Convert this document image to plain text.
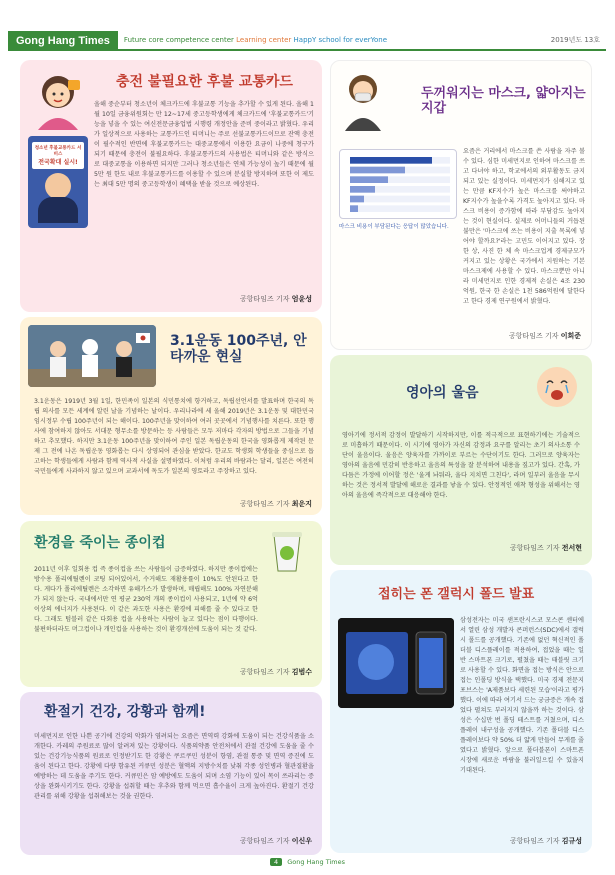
Gong Hang Times	Future core competence center Learning center HappY school for everYone	2019년도 13호
충전 불필요한 후불 교통카드
청소년 후불교통카드 서비스
전국확대 실시!
올해 중순부터 청소년이 체크카드에 후불교통 기능을 추가할 수 있게 된다. 올해 1월 10일 금융위원회는 만 12~17세 중고등학생에게 체크카드에 '후불교통카드'기능을 넣을 수 있는 여신전문금융업법 시행령 개정안을 준비 중이라고 밝혔다. 우리가 일상적으로 사용하는 교통카드인 티머니는 주로 선불교통카드이므로 잔액 충전이 필수적인 반면에 후불교통카드는 대중교통에서 이용한 요금이 나중에 청구가 되기 때문에 충전이 불필요하다. 후불교통카드의 사용법은 티머니와 같은 방식으로 대중교통을 이용하면 되지만 그러나 청소년들은 연체 가능성이 높기 때문에 월 5만 원 한도 내로 후불교통카드를 이용할 수 있으며 분실할 방지하며 또한 이 제도는 최대 5만 명의 중고등학생이 혜택을 받을 것으로 예상된다.
공항타임즈 기자 엄윤성
두꺼워지는 마스크, 얇아지는 지갑
마스크 비용이 부담된다는 응답이 많았습니다.
요즘은 거리에서 마스크를 쓴 사람을 자주 볼 수 있다. 심한 미세먼지로 인하여 마스크를 쓰고 다녀야 하고, 학교에서의 외부활동도 금지되고 있는 실정이다. 미세먼지가 심해지고 있는 만큼 KF지수가 높은 마스크를 써야하고 KF지수가 높을수록 가격도 높아지고 있다. 마스크 비용이 증가함에 따라 부담감도 높아지는 것이 현실이다. 실제로 어머니들의 거듭된 불만은 '마스크에 쓰는 비용이 지출 목록에 넣어야 할까요?'라는 고민도 이어지고 있다. 장한 상, 사진 한 체 속 마스크업계 경제규모가 커지고 있는 상황은 국가에서 지원하는 기본 마스크제에 사용할 수 있다. 마스크뿐만 아니라 미세먼지로 인한 경제적 손실은 4조 230억원, 한국 한 손실은 1천 586억원에 달한다고 한다 경제 연구원에서 밝혔다.
공항타임즈 기자 이희준
3.1운동 100주년, 안타까운 현실
3.1운동은 1919년 3월 1일, 한민족이 일본의 식민통치에 항거하고, 독립선언서를 발표하며 한국의 독립 의사를 모든 세계에 알린 날을 기념하는 날이다. 우리나라에 세 올해 2019년은 3.1운동 및 대한민국 임시정부 수립 100주년이 되는 해이다. 100주년을 맞이하여 여러 곳곳에서 기념행사를 치른다. 또한 행사에 참여하지 않아도 서대문 형무소를 방문하는 등 사람들은 모두 저마다 각자의 방법으로 그들을 기념하고 추모했다. 하지만 3.1운동 100주년을 맞이하여 주인 일본 독립운동의 한국을 영화롭게 제작된 문제 그 전에 나온 독립운동 영화롭는 다시 상영되어 관심을 받았다. 한교도 학생회 학생들을 중심으로 돕고하는 학생들에게 사람과 함께 역사적 사실을 설명하였다. 이처럼 우리의 바람과는 달리, 일본은 여전히 국민들에게 사과하지 않고 있으며 교과서에 독도가 일본의 영토라고 주장하고 있다.
공항타임즈 기자 최운지
영아의 울음
영아기에 정서적 감정이 발달하기 시작하지만, 이를 적극적으로 표현하기에는 기술적으로 미흡하기 때문이다. 이 시기에 영아가 자신의 감정과 요구를 알리는 초기 의사소통 수단이 울음이다. 울음은 양육자를 가까이로 부르는 수단이기도 한다. 그러므로 양육자는 영아의 울음에 민감히 반응하고 울음의 특성을 잘 분석하여 내용을 짚고가 있다. 간혹, 가다듬은 가정에 이어할 정은 '울게 놔둬라, 울다 지치면 그친다', 라며 일부러 울음을 무시하는 것은 정서적 발달에 해로운 결과를 낳을 수 있다. 안정적인 애착 형성을 위해서는 영아의 울음에 즉각적으로 대응해야 한다.
공항타임즈 기자 전서현
환경을 죽이는 종이컵
2011년 이후 일회용 컵 즉 종이컵을 쓰는 사람들이 급증하였다. 하지만 종이컵에는 방수용 폴리에틸렌이 코팅 되어있어서, 수거해도 재활용률이 10%도 안된다고 한다. 게다가 폴리에틸렌은 소각하면 유해가스가 발생하며, 매립해도 100% 자연분해가 되지 않는다. 국내에서만 연 평균 230억 개의 종이컵이 사용되고, 1년에 약 6억 이상의 에너지가 사용된다. 이 같은 과도한 사용은 환경에 피해를 줄 수 있다고 한다. 그래도 텀블러 같은 다회용 컵을 사용하는 사람이 늘고 있다는 점이 다행이다. 불편하더라도 머그컵이나 개인컵을 사용하는 것이 환경개선에 도움이 되는 것 같다.
공항타임즈 기자 김범수
접히는 폰 갤럭시 폴드 발표
삼성전자는 미국 샌프란시스코 모스콘 센터에서 열린 삼성 개발자 콘퍼런스(SDC)에서 갤럭시 폴드를 공개했다. 기존에 없던 혁신적인 폴더블 디스플레이를 적용하여, 접었을 때는 일반 스마트폰 크기로, 펼쳤을 때는 태블릿 크기로 사용할 수 있다. 화면을 접는 방식은 안으로 접는 인폴딩 방식을 택했다. 미국 경제 전문지 포브스는 'A제품보다 세련된 모습'이라고 평가했다. 이에 따라 여기서 드는 궁금증은 개속 접었다 펼쳐도 부러지지 않을까 하는 것이다. 삼성은 수십만 번 폴딩 테스트를 거쳤으며, 디스플레이 내구성을 공개했다. 기존 폴더블 디스플레이보다 약 50% 더 얇게 만들어 무게를 줄였다고 밝혔다. 앞으로 폴더블폰이 스마트폰 시장에 새로운 바람을 불러일으킬 수 있을지 기대된다.
공항타임즈 기자 김규성
환절기 건강, 강황과 함께!
미세먼지로 인한 나쁜 공기에 건강의 악화가 염려되는 요즘은 면역력 강화에 도움이 되는 건강식품을 소개한다. 카레의 주원료로 많이 알려져 있는 강황이다. 식품의약품 안전처에서 관절 건강에 도움을 줄 수 있는 건강기능식품의 원료로 인정받기도 한 강황은 쿠르쿠민 성분이 항염, 관절 통증 및 면역 증진에 도움이 된다고 한다. 강황에 다량 함유된 커큐민 성분은 혈액의 지방수치를 낮춰 각종 성인병과 혈관질환을 예방하는 데 도움을 주기도 한다. 커큐민은 암 예방에도 도움이 되며 소염 기능이 있어 목이 쓰라리는 증상을 완화시키기도 한다. 강황을 섭취할 때는 후추와 함께 먹으면 흡수율이 크게 높아진다. 환절기 건강 관리를 위해 강황을 섭취해보는 것을 권한다.
공항타임즈 기자 이신우
4 Gong Hang Times
